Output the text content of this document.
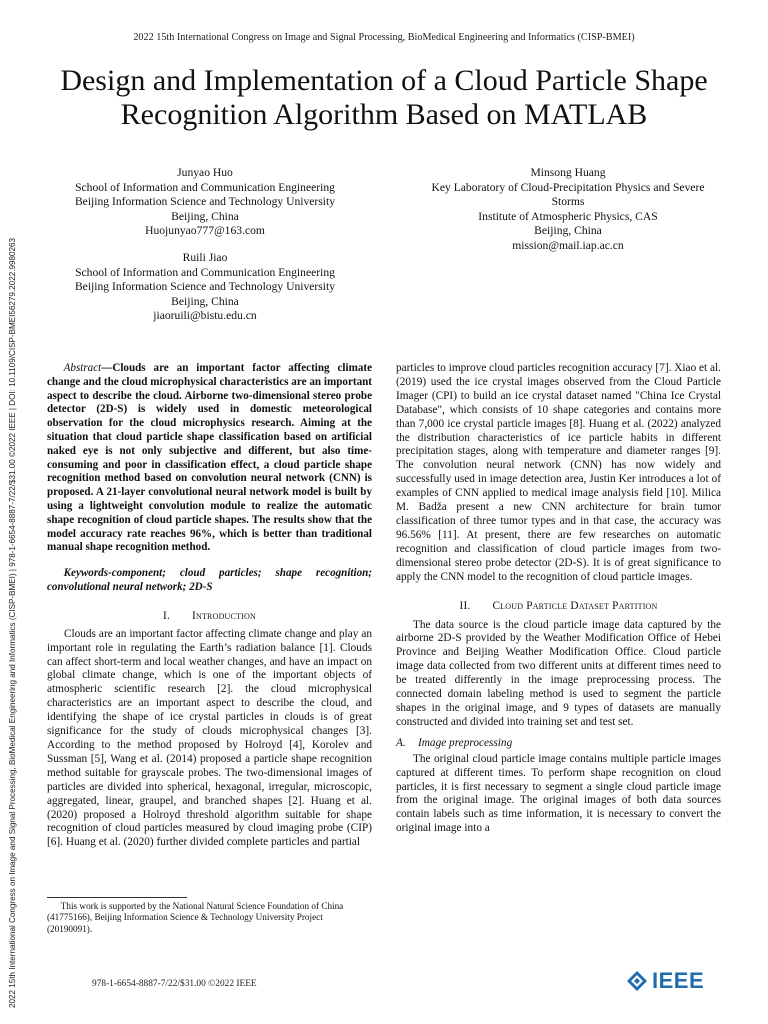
2022 15th International Congress on Image and Signal Processing, BioMedical Engineering and Informatics (CISP-BMEI) | 978-1-6654-8887-7/22/$31.00 ©2022 IEEE | DOI: 10.1109/CISP-BMEI56279.2022.9980263
2022 15th International Congress on Image and Signal Processing, BioMedical Engineering and Informatics (CISP-BMEI)
Design and Implementation of a Cloud Particle Shape
Recognition Algorithm Based on MATLAB
Junyao Huo
School of Information and Communication Engineering
Beijing Information Science and Technology University
Beijing, China
Huojunyao777@163.com
Minsong Huang
Key Laboratory of Cloud-Precipitation Physics and Severe
Storms
Institute of Atmospheric Physics, CAS
Beijing, China
mission@mail.iap.ac.cn
Ruili Jiao
School of Information and Communication Engineering
Beijing Information Science and Technology University
Beijing, China
jiaoruili@bistu.edu.cn

Abstract—Clouds are an important factor affecting climate change and the cloud microphysical characteristics are an important aspect to describe the cloud. Airborne two-dimensional stereo probe detector (2D-S) is widely used in domestic meteorological observation for the cloud microphysics research. Aiming at the situation that cloud particle shape classification based on artificial naked eye is not only subjective and different, but also time-consuming and poor in classification effect, a cloud particle shape recognition method based on convolution neural network (CNN) is proposed. A 21-layer convolutional neural network model is built by using a lightweight convolution module to realize the automatic shape recognition of cloud particle shapes. The results show that the model accuracy rate reaches 96%, which is better than traditional manual shape recognition method.

Keywords-component; cloud particles; shape recognition; convolutional neural network; 2D-S

I. Introduction

Clouds are an important factor affecting climate change and play an important role in regulating the Earth’s radiation balance [1]. Clouds can affect short-term and local weather changes, and have an impact on global climate change, which is one of the important objects of atmospheric scientific research [2]. the cloud microphysical characteristics are an important aspect to describe the cloud, and identifying the shape of ice crystal particles in clouds is of great significance for the study of clouds microphysical changes [3]. According to the method proposed by Holroyd [4], Korolev and Sussman [5], Wang et al. (2014) proposed a particle shape recognition method suitable for grayscale probes. The two-dimensional images of particles are divided into spherical, hexagonal, irregular, microscopic, aggregated, linear, graupel, and branched shapes [2]. Huang et al. (2020) proposed a Holroyd threshold algorithm suitable for shape recognition of cloud particles measured by cloud imaging probe (CIP) [6]. Huang et al. (2020) further divided complete particles and partial

This work is supported by the National Natural Science Foundation of China (41775166), Beijing Information Science & Technology University Project (20190091).

978-1-6654-8887-7/22/$31.00 ©2022 IEEE

particles to improve cloud particles recognition accuracy [7]. Xiao et al. (2019) used the ice crystal images observed from the Cloud Particle Imager (CPI) to build an ice crystal dataset named "China Ice Crystal Database", which consists of 10 shape categories and contains more than 7,000 ice crystal particle images [8]. Huang et al. (2022) analyzed the distribution characteristics of ice particle habits in different precipitation stages, along with temperature and diameter ranges [9]. The convolution neural network (CNN) has now widely and successfully used in image detection area, Justin Ker introduces a lot of examples of CNN applied to medical image analysis field [10]. Milica M. Badža present a new CNN architecture for brain tumor classification of three tumor types and in that case, the accuracy was 96.56% [11]. At present, there are few researches on automatic recognition and classification of cloud particle images from two-dimensional stereo probe detector (2D-S). It is of great significance to apply the CNN model to the recognition of cloud particle images.

II. Cloud Particle Dataset Partition

The data source is the cloud particle image data captured by the airborne 2D-S provided by the Weather Modification Office of Hebei Province and Beijing Weather Modification Office. Cloud particle image data collected from two different units at different times need to be treated differently in the image preprocessing process. The connected domain labeling method is used to segment the particle shapes in the original image, and 9 types of datasets are manually constructed and divided into training set and test set.

A. Image preprocessing

The original cloud particle image contains multiple particle images captured at different times. To perform shape recognition on cloud particles, it is first necessary to segment a single cloud particle image from the original image. The original images of both data sources contain labels such as time information, it is necessary to convert the original image into a

IEEE
